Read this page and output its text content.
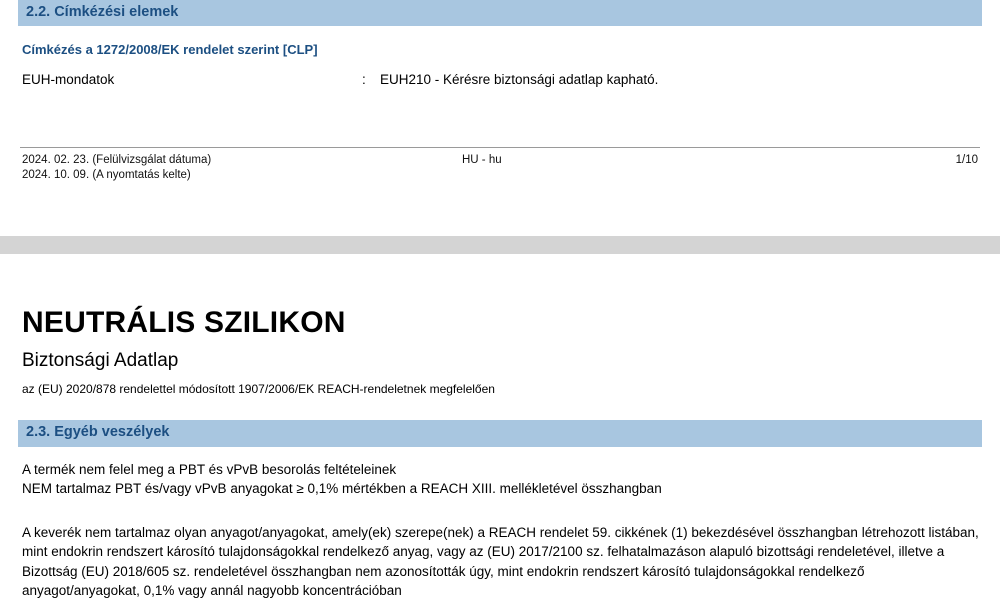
2.2. Címkézési elemek
Címkézés a 1272/2008/EK rendelet szerint [CLP]
EUH-mondatok	:	EUH210 - Kérésre biztonsági adatlap kapható.
2024. 02. 23. (Felülvizsgálat dátuma)
2024. 10. 09. (A nyomtatás kelte)
HU - hu	1/10
NEUTRÁLIS SZILIKON
Biztonsági Adatlap
az (EU) 2020/878 rendelettel módosított 1907/2006/EK REACH-rendeletnek megfelelően
2.3. Egyéb veszélyek
A termék nem felel meg a PBT és vPvB besorolás feltételeinek
NEM tartalmaz PBT és/vagy vPvB anyagokat ≥ 0,1% mértékben a REACH XIII. mellékletével összhangban

A keverék nem tartalmaz olyan anyagot/anyagokat, amely(ek) szerepe(nek) a REACH rendelet 59. cikkének (1) bekezdésével összhangban létrehozott listában, mint endokrin rendszert károsító tulajdonságokkal rendelkező anyag, vagy az (EU) 2017/2100 sz. felhatalmazáson alapuló bizottsági rendeletével, illetve a Bizottság (EU) 2018/605 sz. rendeletével összhangban nem azonosították úgy, mint endokrin rendszert károsító tulajdonságokkal rendelkező anyagot/anyagokat, 0,1% vagy annál nagyobb koncentrációban
